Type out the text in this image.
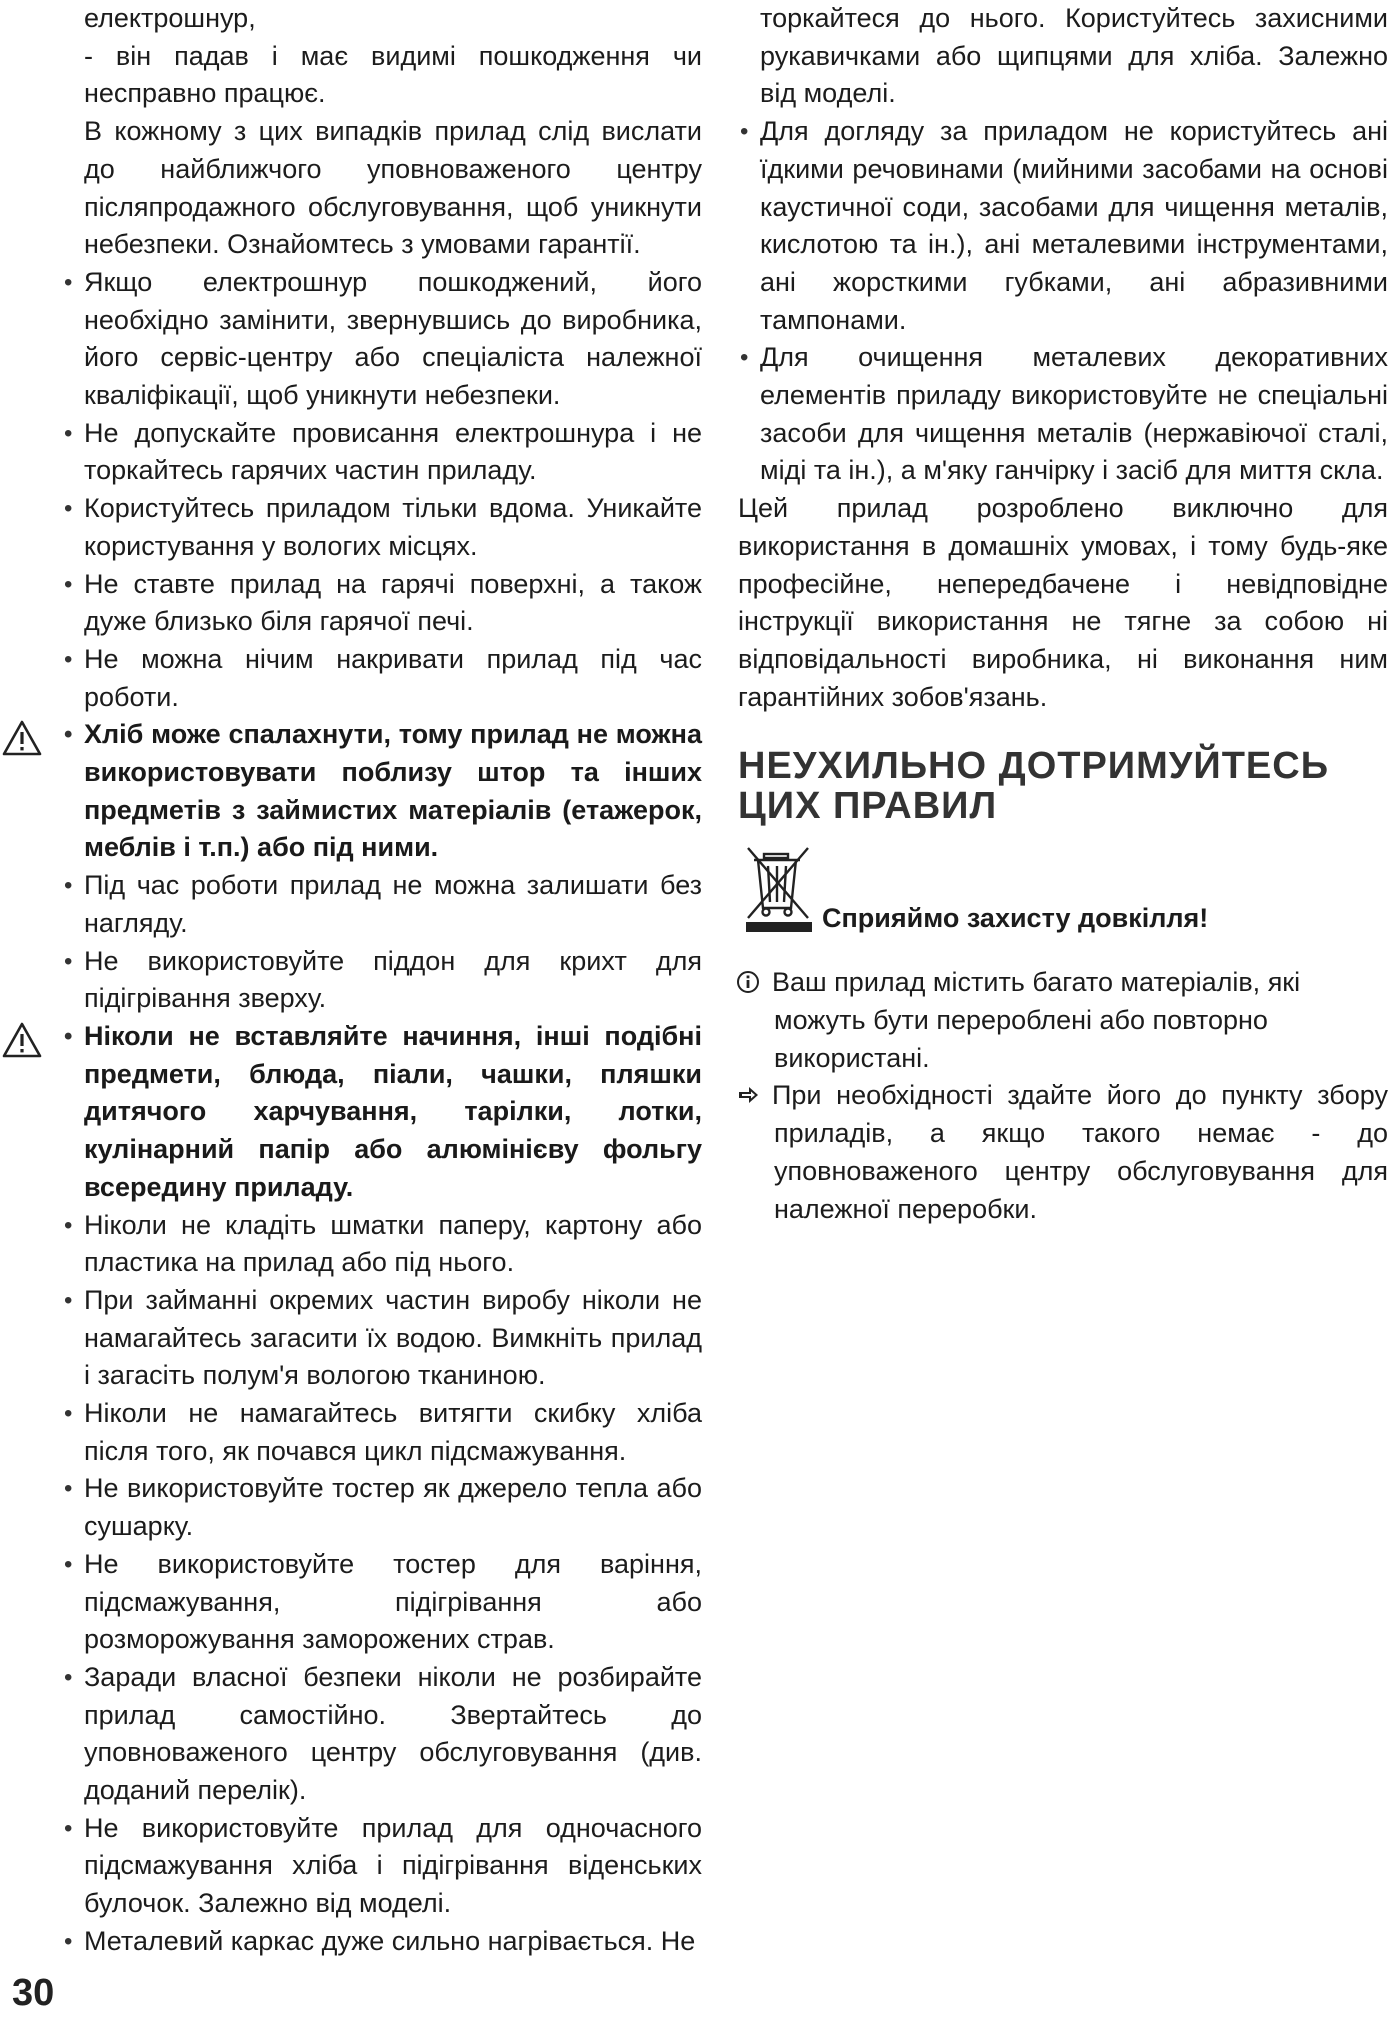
електрошнур,

- він падав і має видимі пошкодження чи несправно працює.

В кожному з цих випадків прилад слід вислати до найближчого уповноваженого центру післяпродажного обслуговування, щоб уникнути небезпеки. Ознайомтесь з умовами гарантії.

• Якщо електрошнур пошкоджений, його необхідно замінити, звернувшись до виробника, його сервіс-центру або спеціаліста належної кваліфікації, щоб уникнути небезпеки.
• Не допускайте провисання електрошнура і не торкайтесь гарячих частин приладу.
• Користуйтесь приладом тільки вдома. Уникайте користування у вологих місцях.
• Не ставте прилад на гарячі поверхні, а також дуже близько біля гарячої печі.
• Не можна нічим накривати прилад під час роботи.
• Хліб може спалахнути, тому прилад не можна використовувати поблизу штор та інших предметів з займистих матеріалів (етажерок, меблів і т.п.) або під ними.
• Під час роботи прилад не можна залишати без нагляду.
• Не використовуйте піддон для крихт для підігрівання зверху.
• Ніколи не вставляйте начиння, інші подібні предмети, блюда, піали, чашки, пляшки дитячого харчування, тарілки, лотки, кулінарний папір або алюмінієву фольгу всередину приладу.
• Ніколи не кладіть шматки паперу, картону або пластика на прилад або під нього.
• При займанні окремих частин виробу ніколи не намагайтесь загасити їх водою. Вимкніть прилад і загасіть полум'я вологою тканиною.
• Ніколи не намагайтесь витягти скибку хліба після того, як почався цикл підсмажування.
• Не використовуйте тостер як джерело тепла або сушарку.
• Не використовуйте тостер для варіння, підсмажування, підігрівання або розморожування заморожених страв.
• Заради власної безпеки ніколи не розбирайте прилад самостійно. Звертайтесь до уповноваженого центру обслуговування (див. доданий перелік).
• Не використовуйте прилад для одночасного підсмажування хліба і підігрівання віденських булочок. Залежно від моделі.
• Металевий каркас дуже сильно нагрівається. Не

торкайтеся до нього. Користуйтесь захисними рукавичками або щипцями для хліба. Залежно від моделі.

• Для догляду за приладом не користуйтесь ані їдкими речовинами (мийними засобами на основі каустичної соди, засобами для чищення металів, кислотою та ін.), ані металевими інструментами, ані жорсткими губками, ані абразивними тампонами.
• Для очищення металевих декоративних елементів приладу використовуйте не спеціальні засоби для чищення металів (нержавіючої сталі, міді та ін.), а м'яку ганчірку і засіб для миття скла.

Цей прилад розроблено виключно для використання в домашніх умовах, і тому будь-яке професійне, непередбачене і невідповідне інструкції використання не тягне за собою ні відповідальності виробника, ні виконання ним гарантійних зобов'язань.

НЕУХИЛЬНО ДОТРИМУЙТЕСЬ ЦИХ ПРАВИЛ
Сприяймо захисту довкілля!

Ваш прилад містить багато матеріалів, які можуть бути перероблені або повторно використані.

При необхідності здайте його до пункту збору приладів, а якщо такого немає - до уповноваженого центру обслуговування для належної переробки.

30
